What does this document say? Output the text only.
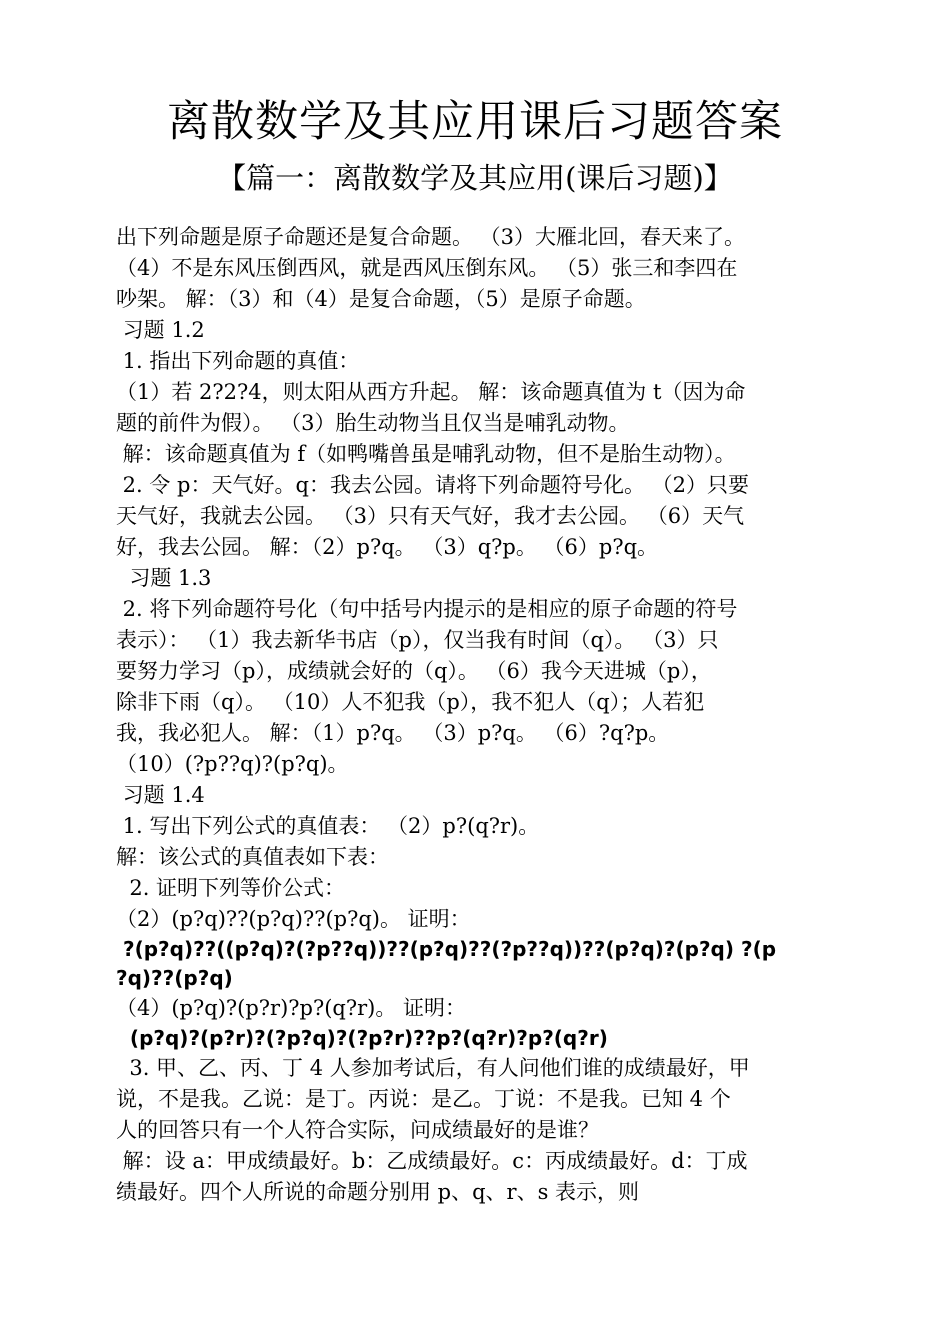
离散数学及其应用课后习题答案
【篇一：离散数学及其应用(课后习题)】
出下列命题是原子命题还是复合命题。 （3）大雁北回，春天来了。
（4）不是东风压倒西风，就是西风压倒东风。 （5）张三和李四在
吵架。 解：（3）和（4）是复合命题，（5）是原子命题。
习题 1.2
1. 指出下列命题的真值：
（1）若 2?2?4，则太阳从西方升起。 解：该命题真值为 t（因为命
题的前件为假）。 （3）胎生动物当且仅当是哺乳动物。
解：该命题真值为 f（如鸭嘴兽虽是哺乳动物，但不是胎生动物）。
2. 令 p：天气好。q：我去公园。请将下列命题符号化。 （2）只要
天气好，我就去公园。 （3）只有天气好，我才去公园。 （6）天气
好，我去公园。 解：（2）p?q。 （3）q?p。 （6）p?q。
习题 1.3
2. 将下列命题符号化（句中括号内提示的是相应的原子命题的符号
表示）： （1）我去新华书店（p），仅当我有时间（q）。 （3）只
要努力学习（p），成绩就会好的（q）。 （6）我今天进城（p），
除非下雨（q）。 （10）人不犯我（p），我不犯人（q）；人若犯
我，我必犯人。 解：（1）p?q。 （3）p?q。 （6）?q?p。
（10）(?p??q)?(p?q)。
习题 1.4
1. 写出下列公式的真值表： （2）p?(q?r)。
解：该公式的真值表如下表：
2. 证明下列等价公式：
（2）(p?q)??(p?q)??(p?q)。 证明：
?(p?q)??((p?q)?(?p??q))??(p?q)??(?p??q))??(p?q)?(p?q) ?(p
?q)??(p?q)
（4）(p?q)?(p?r)?p?(q?r)。 证明：
(p?q)?(p?r)?(?p?q)?(?p?r)??p?(q?r)?p?(q?r)
3. 甲、乙、丙、丁 4 人参加考试后，有人问他们谁的成绩最好，甲
说，不是我。乙说：是丁。丙说：是乙。丁说：不是我。已知 4 个
人的回答只有一个人符合实际，问成绩最好的是谁？
解：设 a：甲成绩最好。b：乙成绩最好。c：丙成绩最好。d：丁成
绩最好。四个人所说的命题分别用 p、q、r、s 表示，则
